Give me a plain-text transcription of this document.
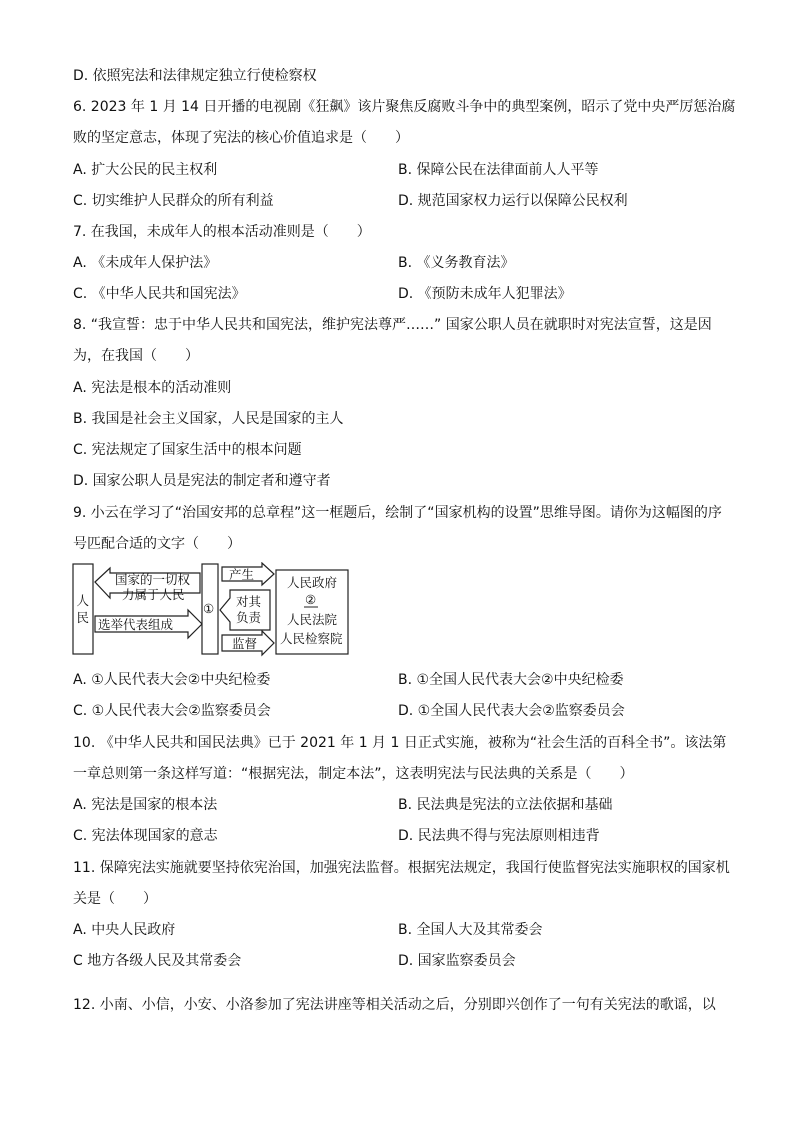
D. 依照宪法和法律规定独立行使检察权
6. 2023 年 1 月 14 日开播的电视剧《狂飙》该片聚焦反腐败斗争中的典型案例，昭示了党中央严厉惩治腐
败的坚定意志，体现了宪法的核心价值追求是（　　）
A. 扩大公民的民主权利	B. 保障公民在法律面前人人平等
C. 切实维护人民群众的所有利益	D. 规范国家权力运行以保障公民权利
7. 在我国，未成年人的根本活动准则是（　　）
A. 《未成年人保护法》	B. 《义务教育法》
C. 《中华人民共和国宪法》	D. 《预防未成年人犯罪法》
8. “我宣誓：忠于中华人民共和国宪法，维护宪法尊严……” 国家公职人员在就职时对宪法宣誓，这是因
为，在我国（　　）
A. 宪法是根本的活动准则
B. 我国是社会主义国家，人民是国家的主人
C. 宪法规定了国家生活中的根本问题
D. 国家公职人员是宪法的制定者和遵守者
9. 小云在学习了“治国安邦的总章程”这一框题后，绘制了“国家机构的设置”思维导图。请你为这幅图的序
号匹配合适的文字（　　）
人
民
国家的一切权
力属于人民
选举代表组成
①
产生
对其
负责
监督
人民政府
②
人民法院
人民检察院
A. ①人民代表大会②中央纪检委	B. ①全国人民代表大会②中央纪检委
C. ①人民代表大会②监察委员会	D. ①全国人民代表大会②监察委员会
10. 《中华人民共和国民法典》已于 2021 年 1 月 1 日正式实施，被称为“社会生活的百科全书”。该法第
一章总则第一条这样写道：“根据宪法，制定本法”，这表明宪法与民法典的关系是（　　）
A. 宪法是国家的根本法	B. 民法典是宪法的立法依据和基础
C. 宪法体现国家的意志	D. 民法典不得与宪法原则相违背
11. 保障宪法实施就要坚持依宪治国，加强宪法监督。根据宪法规定，我国行使监督宪法实施职权的国家机
关是（　　）
A. 中央人民政府	B. 全国人大及其常委会
C 地方各级人民及其常委会	D. 国家监察委员会
12. 小南、小信，小安、小洛参加了宪法讲座等相关活动之后，分别即兴创作了一句有关宪法的歌谣，以
